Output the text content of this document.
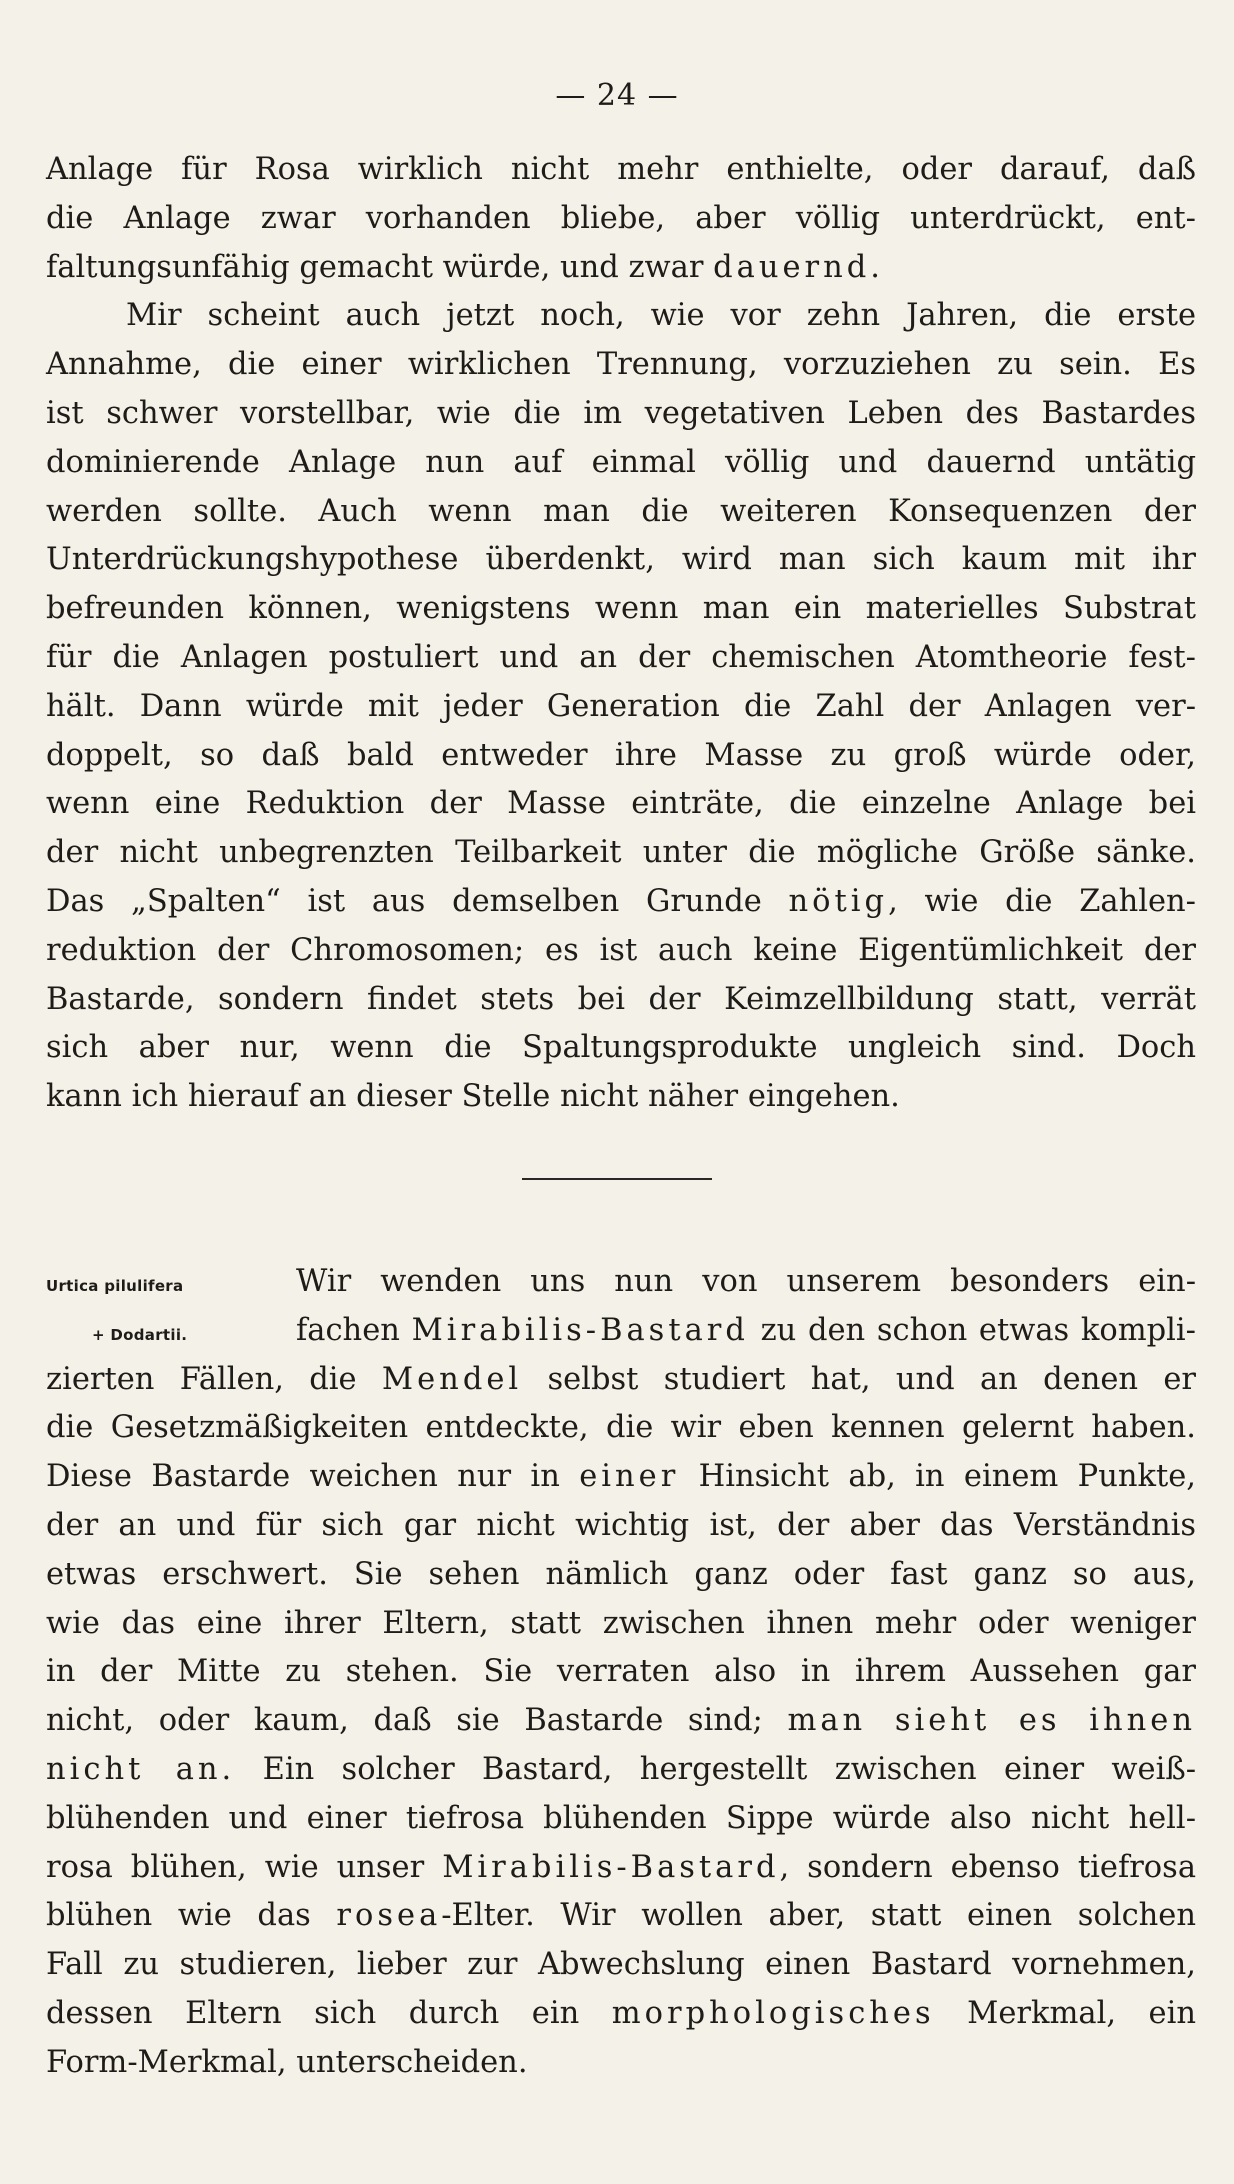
— 24 —
Anlage für Rosa wirklich nicht mehr enthielte, oder darauf, daß
die Anlage zwar vorhanden bliebe, aber völlig unterdrückt, ent-
faltungsunfähig gemacht würde, und zwar dauernd.
Mir scheint auch jetzt noch, wie vor zehn Jahren, die erste
Annahme, die einer wirklichen Trennung, vorzuziehen zu sein. Es
ist schwer vorstellbar, wie die im vegetativen Leben des Bastardes
dominierende Anlage nun auf einmal völlig und dauernd untätig
werden sollte. Auch wenn man die weiteren Konsequenzen der
Unterdrückungshypothese überdenkt, wird man sich kaum mit ihr
befreunden können, wenigstens wenn man ein materielles Substrat
für die Anlagen postuliert und an der chemischen Atomtheorie fest-
hält. Dann würde mit jeder Generation die Zahl der Anlagen ver-
doppelt, so daß bald entweder ihre Masse zu groß würde oder,
wenn eine Reduktion der Masse einträte, die einzelne Anlage bei
der nicht unbegrenzten Teilbarkeit unter die mögliche Größe sänke.
Das „Spalten“ ist aus demselben Grunde nötig, wie die Zahlen-
reduktion der Chromosomen; es ist auch keine Eigentümlichkeit der
Bastarde, sondern findet stets bei der Keimzellbildung statt, verrät
sich aber nur, wenn die Spaltungsprodukte ungleich sind. Doch
kann ich hierauf an dieser Stelle nicht näher eingehen.
Urtica pilulifera
+ Dodartii.
Wir wenden uns nun von unserem besonders ein-
fachen Mirabilis-Bastard zu den schon etwas kompli-
zierten Fällen, die Mendel selbst studiert hat, und an denen er
die Gesetzmäßigkeiten entdeckte, die wir eben kennen gelernt haben.
Diese Bastarde weichen nur in einer Hinsicht ab, in einem Punkte,
der an und für sich gar nicht wichtig ist, der aber das Verständnis
etwas erschwert. Sie sehen nämlich ganz oder fast ganz so aus,
wie das eine ihrer Eltern, statt zwischen ihnen mehr oder weniger
in der Mitte zu stehen. Sie verraten also in ihrem Aussehen gar
nicht, oder kaum, daß sie Bastarde sind; man sieht es ihnen
nicht an. Ein solcher Bastard, hergestellt zwischen einer weiß-
blühenden und einer tiefrosa blühenden Sippe würde also nicht hell-
rosa blühen, wie unser Mirabilis-Bastard, sondern ebenso tiefrosa
blühen wie das rosea-Elter. Wir wollen aber, statt einen solchen
Fall zu studieren, lieber zur Abwechslung einen Bastard vornehmen,
dessen Eltern sich durch ein morphologisches Merkmal, ein
Form-Merkmal, unterscheiden.
